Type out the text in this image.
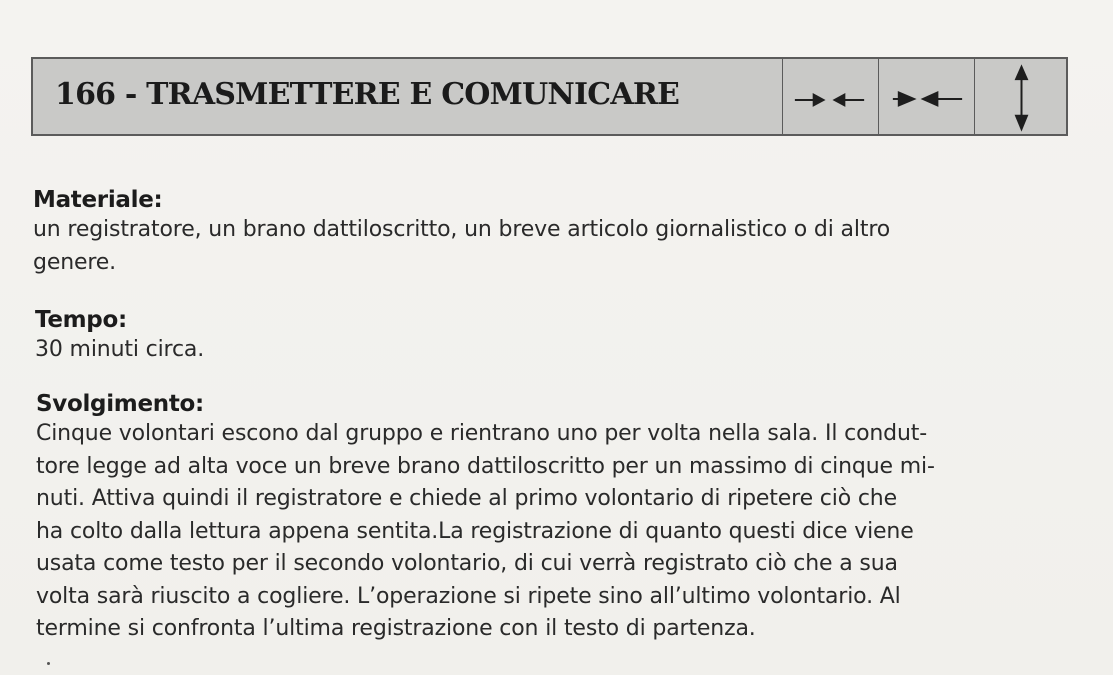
166 - TRASMETTERE E COMUNICARE
Materiale:
un registratore, un brano dattiloscritto, un breve articolo giornalistico o di altro
genere.
Tempo:
30 minuti circa.
Svolgimento:
Cinque volontari escono dal gruppo e rientrano uno per volta nella sala. Il condut-
tore legge ad alta voce un breve brano dattiloscritto per un massimo di cinque mi-
nuti. Attiva quindi il registratore e chiede al primo volontario di ripetere ciò che
ha colto dalla lettura appena sentita.La registrazione di quanto questi dice viene
usata come testo per il secondo volontario, di cui verrà registrato ciò che a sua
volta sarà riuscito a cogliere. L’operazione si ripete sino all’ultimo volontario. Al
termine si confronta l’ultima registrazione con il testo di partenza.
